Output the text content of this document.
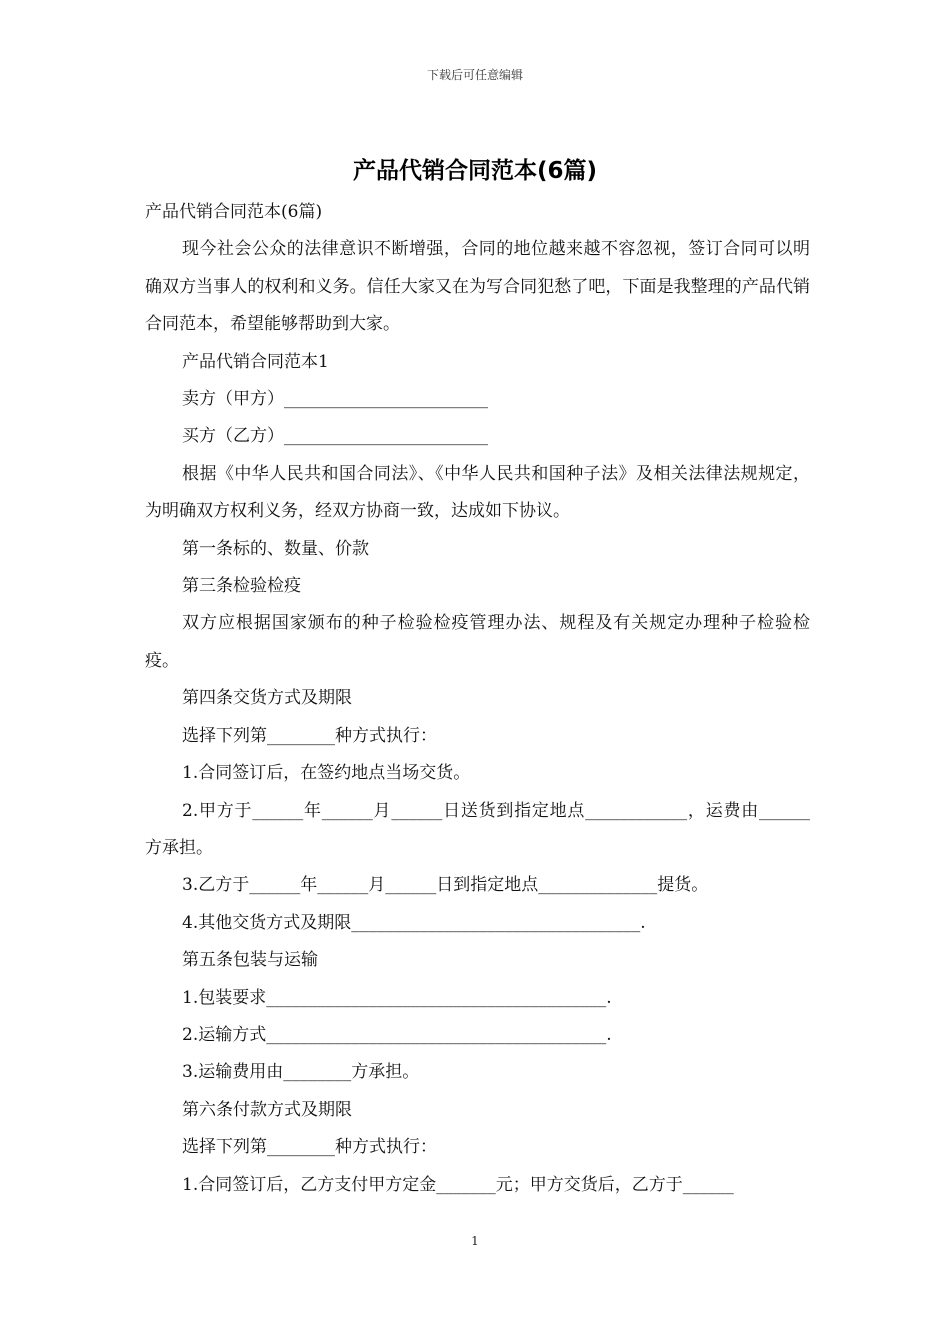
下载后可任意编辑
产品代销合同范本(6篇)

产品代销合同范本(6篇)

现今社会公众的法律意识不断增强，合同的地位越来越不容忽视，签订合同可以明确双方当事人的权利和义务。信任大家又在为写合同犯愁了吧，下面是我整理的产品代销合同范本，希望能够帮助到大家。

产品代销合同范本1

卖方（甲方）________________________

买方（乙方）________________________

根据《中华人民共和国合同法》、《中华人民共和国种子法》及相关法律法规规定，为明确双方权利义务，经双方协商一致，达成如下协议。

第一条标的、数量、价款

第三条检验检疫

双方应根据国家颁布的种子检验检疫管理办法、规程及有关规定办理种子检验检疫。

第四条交货方式及期限

选择下列第________种方式执行：

1.合同签订后，在签约地点当场交货。

2.甲方于______年______月______日送货到指定地点____________，运费由______方承担。

3.乙方于______年______月______日到指定地点______________提货。

4.其他交货方式及期限__________________________________.

第五条包装与运输

1.包装要求________________________________________.

2.运输方式________________________________________.

3.运输费用由________方承担。

第六条付款方式及期限

选择下列第________种方式执行：

1.合同签订后，乙方支付甲方定金_______元；甲方交货后，乙方于______

1
